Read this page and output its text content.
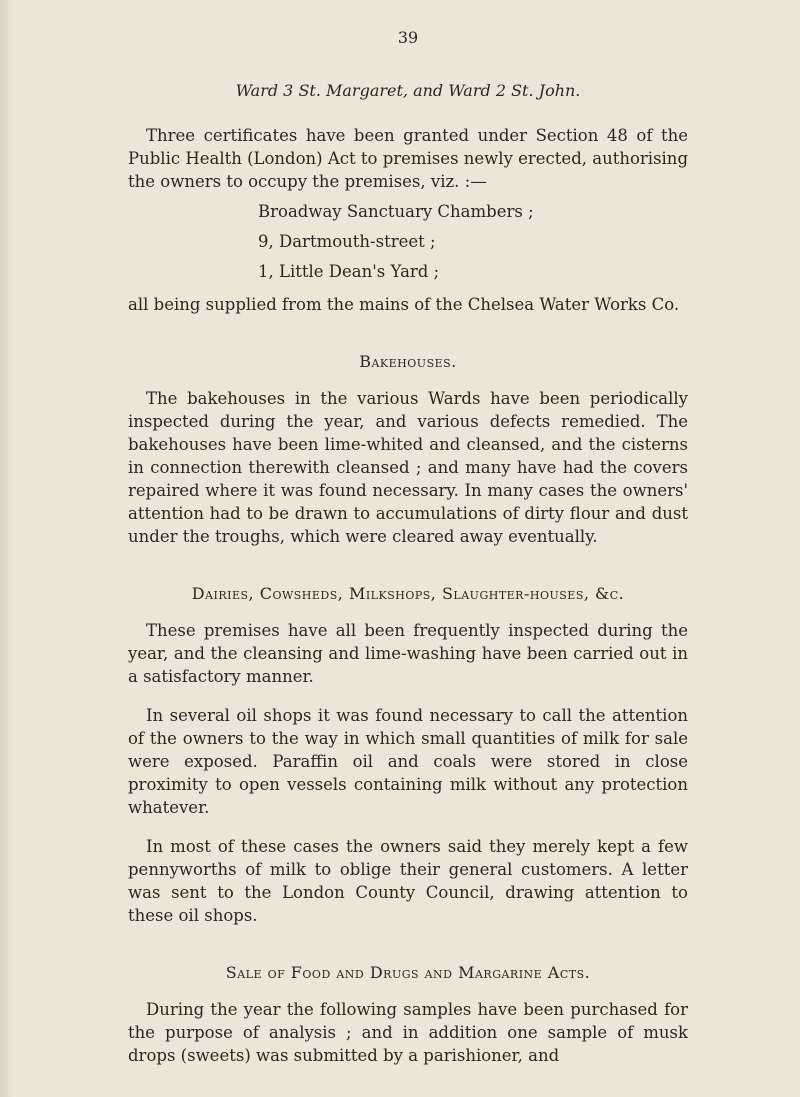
39
Ward 3 St. Margaret, and Ward 2 St. John.

Three certificates have been granted under Section 48 of the Public Health (London) Act to premises newly erected, authorising the owners to occupy the premises, viz. :—

Broadway Sanctuary Chambers ;

9, Dartmouth-street ;

1, Little Dean's Yard ;

all being supplied from the mains of the Chelsea Water Works Co.

Bakehouses.

The bakehouses in the various Wards have been periodically inspected during the year, and various defects remedied. The bakehouses have been lime-whited and cleansed, and the cisterns in connection therewith cleansed ; and many have had the covers repaired where it was found necessary. In many cases the owners' attention had to be drawn to accumulations of dirty flour and dust under the troughs, which were cleared away eventually.

Dairies, Cowsheds, Milkshops, Slaughter-houses, &c.

These premises have all been frequently inspected during the year, and the cleansing and lime-washing have been carried out in a satisfactory manner.

In several oil shops it was found necessary to call the attention of the owners to the way in which small quantities of milk for sale were exposed. Paraffin oil and coals were stored in close proximity to open vessels containing milk without any protection whatever.

In most of these cases the owners said they merely kept a few pennyworths of milk to oblige their general customers. A letter was sent to the London County Council, drawing attention to these oil shops.

Sale of Food and Drugs and Margarine Acts.

During the year the following samples have been purchased for the purpose of analysis ; and in addition one sample of musk drops (sweets) was submitted by a parishioner, and
